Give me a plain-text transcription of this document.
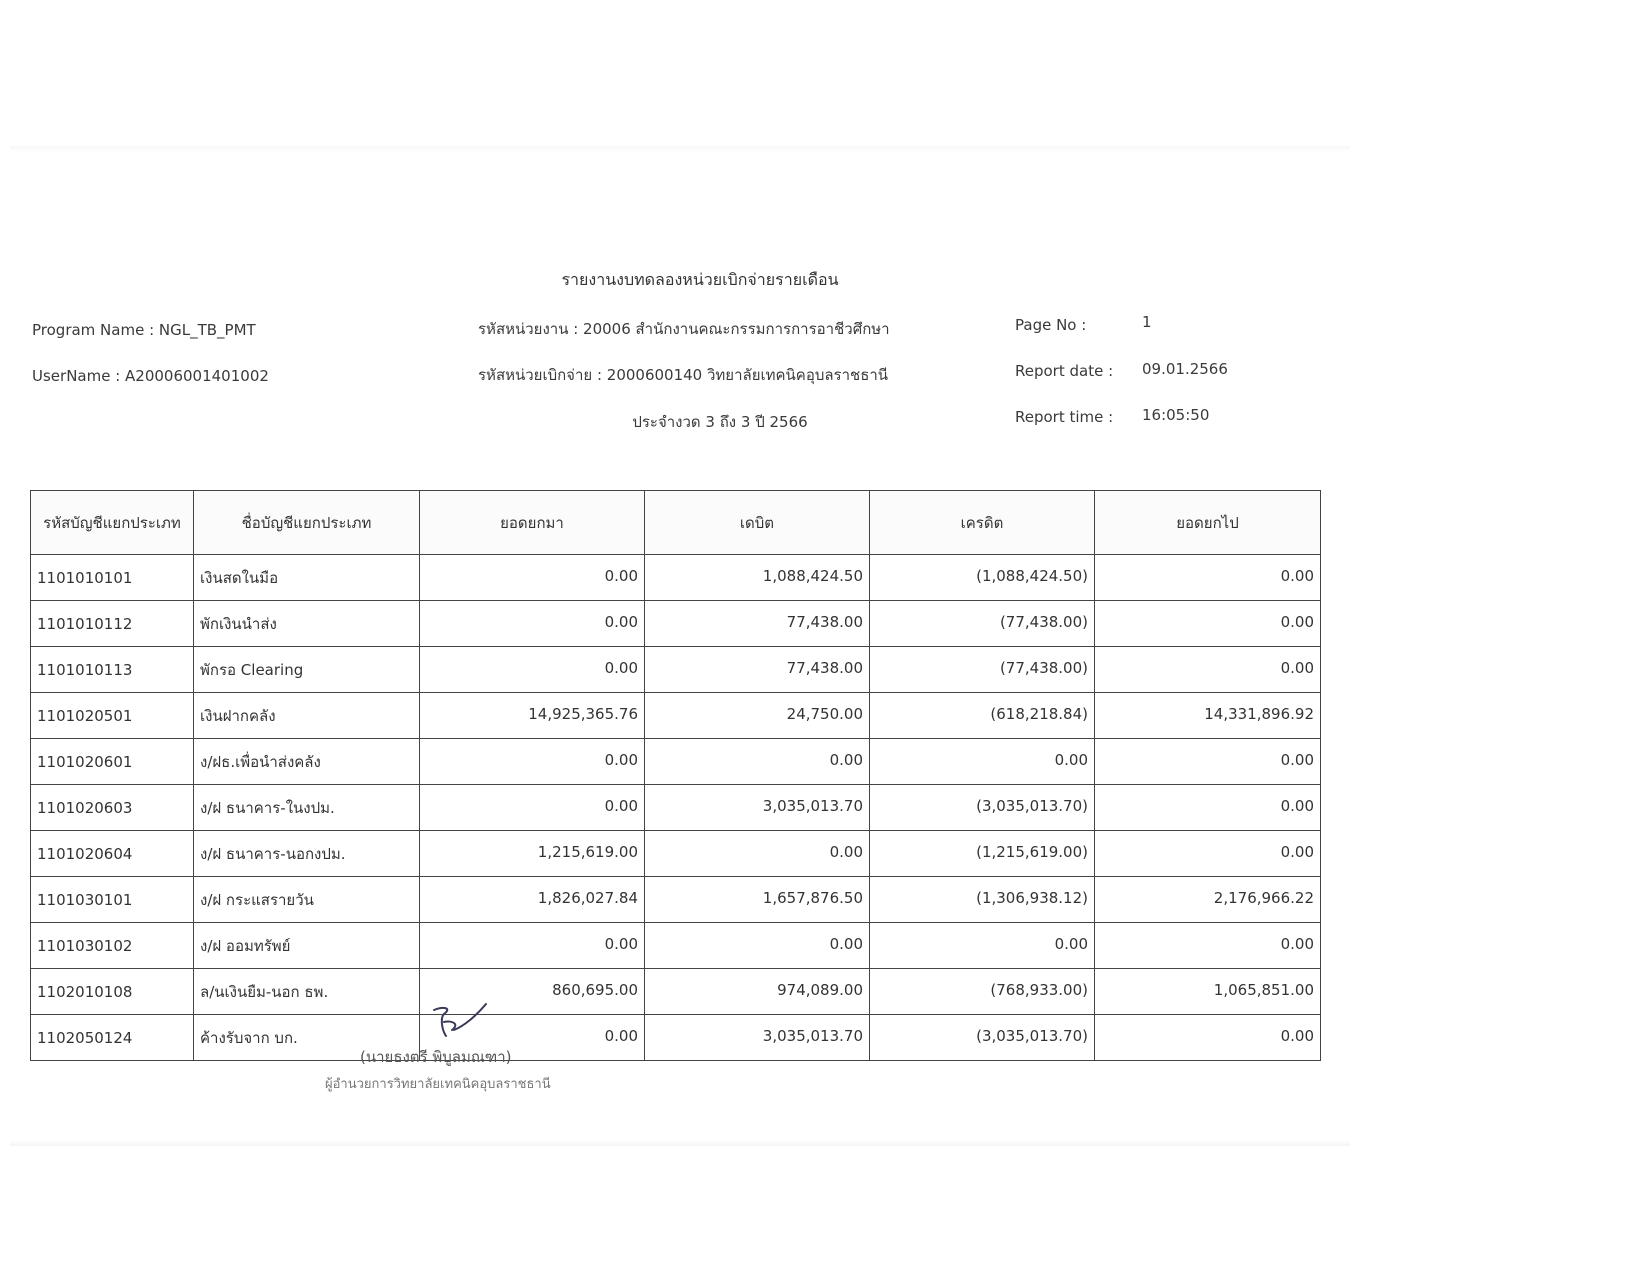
รายงานงบทดลองหน่วยเบิกจ่ายรายเดือน
Program Name : NGL_TB_PMT
UserName : A20006001401002
รหัสหน่วยงาน : 20006 สำนักงานคณะกรรมการการอาชีวศึกษา
รหัสหน่วยเบิกจ่าย : 2000600140 วิทยาลัยเทคนิคอุบลราชธานี
ประจำงวด 3 ถึง 3 ปี 2566
Page No :	1
Report date : 09.01.2566
Report time : 16:05:50
รหัสบัญชีแยกประเภท	ชื่อบัญชีแยกประเภท	ยอดยกมา	เดบิต	เครดิต	ยอดยกไป
1101010101	เงินสดในมือ	0.00	1,088,424.50	(1,088,424.50)	0.00
1101010112	พักเงินนำส่ง	0.00	77,438.00	(77,438.00)	0.00
1101010113	พักรอ Clearing	0.00	77,438.00	(77,438.00)	0.00
1101020501	เงินฝากคลัง	14,925,365.76	24,750.00	(618,218.84)	14,331,896.92
1101020601	ง/ฝธ.เพื่อนำส่งคลัง	0.00	0.00	0.00	0.00
1101020603	ง/ฝ ธนาคาร-ในงปม.	0.00	3,035,013.70	(3,035,013.70)	0.00
1101020604	ง/ฝ ธนาคาร-นอกงปม.	1,215,619.00	0.00	(1,215,619.00)	0.00
1101030101	ง/ฝ กระแสรายวัน	1,826,027.84	1,657,876.50	(1,306,938.12)	2,176,966.22
1101030102	ง/ฝ ออมทรัพย์	0.00	0.00	0.00	0.00
1102010108	ล/นเงินยืม-นอก ธพ.	860,695.00	974,089.00	(768,933.00)	1,065,851.00
1102050124	ค้างรับจาก บก.	0.00	3,035,013.70	(3,035,013.70)	0.00
(นายธงตรี พิบูลมณฑา)
ผู้อำนวยการวิทยาลัยเทคนิคอุบลราชธานี
